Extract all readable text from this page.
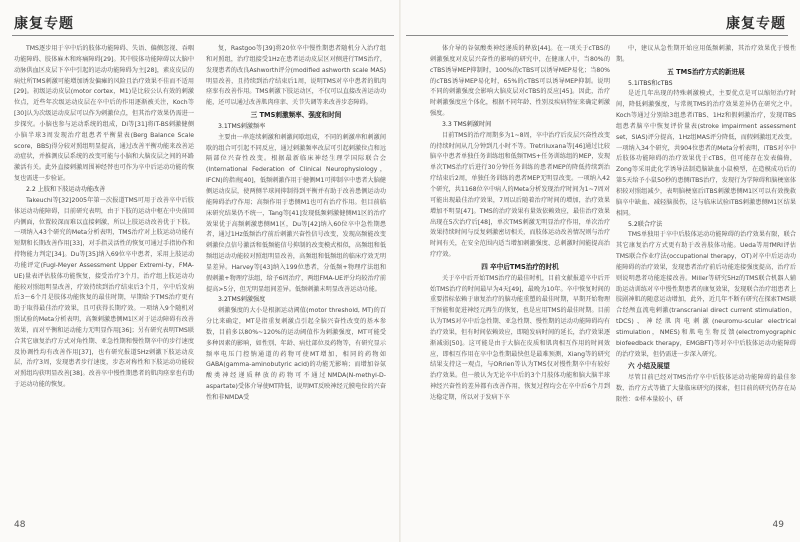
康复专题
TMS逐步用于卒中后的肢体功能障碍、失语、偏侧忽视、吞咽功能障碍、肢体麻木和疼痛障碍[29]。其中肢体功能障碍以大脑中动脉供血区皮层下卒中引起的运动功能障碍为主[28]，素皮皮层的病灶所TMS刺激可能增加诱发偏瘫的风险且治疗效果不佳而不适用[29]。初级运动皮层(motor cortex，M1)是比较公认有效的刺激位点，近些年次级运动皮层在卒中后的作用逐渐被关注，Koch等[30]认为次级运动皮层可以作为刺激位点，但其治疗效果仍需进一步探究。小脑也参与运动系统的组成，Di等[31]将iT-BS刺激健侧小脑半球3周发现治疗组患者平衡量表(Berg Balance Scale score，BBS)得分较对照组明显提高，通过改善平衡功能来改善运动症状，并推测皮层系统的改变可能与小脑和大脑皮层之间的环路激活有关。此外直接刺激周围神经替也可作为卒中后运动功能的恢复也需进一步验证。
2.2 上肢和下肢运动功能改善
Takeuchi等[32]2005年第一次报道TMS可用于改善卒中后肢体运动功能障碍，目前研究表明，由于下肢的运动中枢在中央前回内侧面，位置较深而难以直接刺激，所以上肢运动改善优于下肢。一项纳入43个研究的Meta分析表明，TMS治疗对上肢运动功能有短期和长期改善作用[33]，对手指灵活性的恢复可通过手指协作和持物能力判定[34]。Du等[35]纳入69位卒中患者，采用上肢运动功能评定(Fugl-Meyer Assessment Upper Extremi-ty，FMA-UE)量表评估肢体功能恢复，接受治疗3个月，治疗组上肢运动功能较对照组明显改善，疗效持续到治疗结束后3个月，卒中后发病后3～6个月是肢体功能恢复的最佳时期，早期给予TMS治疗更有助于取得最佳治疗效果，且可获得长期疗效。一项纳入9个随机对照试验的Meta分析表明，高频刺激患侧M1区对于运动障碍有改善效果，而对平衡和运动能力无明显作用[36]；另有研究表明TMS联合其它康复治疗方式对角性期、亚急性期和慢性期卒中的步行速度及协调性均有改善作用[37]，也有研究报道5Hz刺激下肢运动皮层，治疗3周，发现患者步行速度，步态对称性和下肢运动功能较对照组均获明显改善[38]。改善卒中慢性期患者的肌肉痉挛也有助于运动功能的恢复。
复，Rastgoo等[39]将20位卒中慢性期患者随机分入治疗组和对照组，治疗组接受1Hz在患者运动皮层区对侧进行TMS治疗，发现患者的改良Ashworth评分(modified ashworth scale MAS)明显改善，且持续到治疗结束后1周，说明TMS对卒中患者的肌肉痉挛有改善作用。TMS刺激下肢运动区，不仅可以直接改善运动功能，还可以通过改善肌肉痉挛、关节失调等来改善步态障碍。
三 TMS刺激频率、强度和时间
3.1TMS刺激频率
主要由一串连续刺激和刺激间歇组成，不同的刺激串和刺激间歇的组合可引起不同反应，通过刺激频率改层可引起刺激位点和远隔部位兴奋性改变。根据最新临床神经生理学国际联合会(International Federation of Clinical Neurophysiology，IFCN)的指南[40]，低频刺激作用于健侧M1可抑制卒中患者大脑健侧运动皮层，使两侧半球间抑制得到平衡并有助于改善患侧运动功能障碍治疗作用；高频作用于患侧M1也可有治疗作用。但目前临床研究结果仍不统一，Tang等[41]发现低频刺激健侧M1区的治疗效果优于高频刺激患侧M1区，Du等[42]纳入60位卒中急性期患者，通过1Hz低频治疗前后刺激兴奋性信号改变，发现高频能改变刺激位点信号激活和低频能信号抑制的改变模式相似，高频组和低频组运动功能较对照组明显改善，高频组和低频组的临床疗效无明显差异。Harvey等[43]纳入199位患者，分低频+物理疗法组和假刺激+物理疗法组，给予6周治疗，两组FMA-UE评分均较治疗前提高>5分，但无明显组间差异。低频刺激未明显改善运动功能。
3.2TMS刺激强度
刺激强度的大小是根据运动阈值(motor threshold, MT)的百分比来确定，MT是指重复刺激点引起全脑兴奋性改变的基本参数，目前多以80%~120%的运动阈值作为刺激强度，MT可能受多种因素的影响，如性别、年龄、病灶部位及药物等，有研究显示频率电压门控钠通道的药物可使MT增加，相同的药物如GABA(gamma-aminobutyric acid)的功能无影响；而增加谷氨酸类神经递质释放的药物可不通过NMDA(N-methyl-D-aspartate)受体介导使MT降低，说明MT反映神经元膜电位的兴奋性和非NMDA受
48
康复专题
体介导的谷氨酸类神经递质的释放[44]。在一项关于cTBS的刺激强度对皮层兴奋性的影响的研究中，在健康人中，当80%的cTBS诱导MEP抑制时，100%的cTBS可以诱导MEP易化；当80%的cTBS诱导MEP易化时，65%的cTBS可以诱导MEP抑制。说明不同的刺激强度会影响大脑皮层对cTBS的反应[45]。因此，治疗时刺激强度应个体化，根据不同年龄、性别及疾病特征来确定刺激强度。
3.3 TMS刺激时间
目前TMS的治疗周期多为1~8周，卒中治疗后皮层兴奋性改变的持续时间从几分钟到几小时不等。Tretriluxana等[46]通过比较脑卒中患者单独任务训练组和低频TMS+任务训练组的MEP，发现单次TMS治疗后进行30分钟任务训练的患者MEP的降低持续到治疗结束后2周，单独任务训练的患者MEP无明显改变。一项纳入42个研究，共1168位卒中病人的Meta分析发现治疗时间为1~7周对可能出现最佳治疗效果，7周以后随着治疗时间的增加，治疗效果增加不明显[47]。TMS的治疗效果有量效依赖效应，最佳治疗效果出现在5次治疗后[48]，单次TMS刺激无明显治疗作用，单次治疗效果持续时间与反复刺激密切相关，而肢体运动改善情况则与治疗时间有关，在安全范围内适当增加刺激强度、总刺激时间能提高治疗疗效。
四 卒中后TMS治疗的时机
关于卒中后开始TMS治疗的最佳时机，目前文献报道卒中后开始TMS治疗的时间最早为4天[49]，最晚为10年。卒中恢复时间的重要指标依赖于康复治疗的脑功能重塑的最佳时期，早期开始物理干预能和促进神经元再生的恢复，也是应用TMS的最佳时期。目前认为TMS对卒中后急性期、亚急性期、慢性期的运动功能障碍均有治疗效果，但有时间依赖效应，即随发病时间的延长，治疗效果逐渐减弱[50]。这可能是由于大脑在皮质和肌肉相互作用的时间效应，即相互作用在卒中急性期最快但是最难预测，Xiang等的研究结果支持这一观点，与ORrien等认为TMS仅对慢性期卒中有较好治疗效果。但一般认为无论卒中后的3个月肢体功能和脑大脑半球神经兴奋性的差异都有改善作用，恢复过程均会在卒中后6个月到达稳定期，所以对于发病下卒
中，建议从急性期开始应用低频刺激，其治疗效果优于慢性期。
五 TMS治疗方式的新进展
5.1iTBS和cTBS
是近几年出现的特殊刺激模式，主要优点是可以缩短治疗时间，降低刺激强度，与常规TMS的治疗效果差异仍在研究之中。Koch等通过分别给3组患者iTBS、1Hz和假刺激治疗，发现iTBS组患者脑卒中恢复评价量表(stroke impairment assessment set，SIAS)评分提高，1Hz组MAS评分降低，而假刺激组无改变。一项纳入34个研究，共904位患者的Meta分析表明，iTBS对卒中后肢体功能障碍的治疗效果优于cTBS，但可能存在发表偏倚，Zong等采用此化学诱导法制造脑缺血小鼠模型，在造模成功后的第5天给予小鼠50秒的患侧iTBS治疗，发现行为学障碍和脑梗塞体积较对照组减少，表明脑梗塞后iTBS刺激患侧M1区可以有效挽救脑卒中缺血、减轻脑损伤，这与临床试验iTBS刺激患侧M1区结果相同。
5.2联合疗法
TMS单独用于卒中后肢体运动功能障碍的治疗效果有限，联合其它康复治疗方式更有助于改善肢体功能。Ueda等用fMRI评估TMS联合作业疗法(occupational therapy，OT)对卒中后运动功能障碍的治疗效果，发现患者治疗前后功能连接强度提高，治疗后则说明患者功能连接改善。Miller等研究5Hz的TMS联合机器人辅助运动训练对卒中慢性期患者的康复效果，发现联合治疗组患者上肢剧神肌的随意运动增加，此外，近几年不断有研究在探索TMS联合经颅直流电刺激(transcranial direct current stimulation，tDCS)、神经肌肉电刺激(neuromu-scular electrical stimulation，NMES)和肌电生物反馈(electromyographic biofeedback therapy，EMGBFT)等对卒中后肢体运动功能障碍的治疗效果，但仍需进一步深入研究。
六 小结及展望
尽管目前已经对TMS治疗卒中后肢体运动功能障碍的最佳参数、治疗方式等做了大量临床研究的探索，但目前的研究仍存在局限性：①样本量较小，研
49
